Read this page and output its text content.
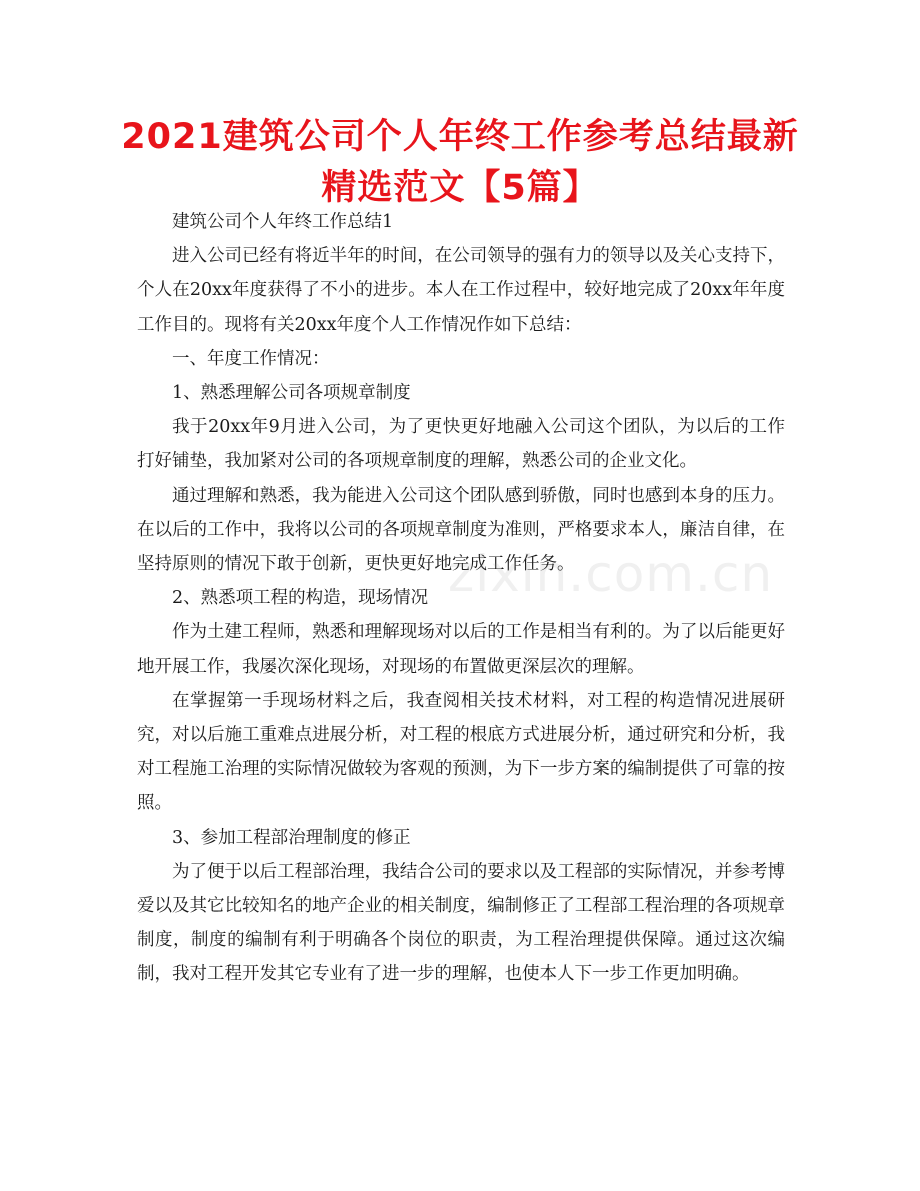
2021建筑公司个人年终工作参考总结最新精选范文【5篇】

建筑公司个人年终工作总结1

进入公司已经有将近半年的时间，在公司领导的强有力的领导以及关心支持下，个人在20xx年度获得了不小的进步。本人在工作过程中，较好地完成了20xx年年度工作目的。现将有关20xx年度个人工作情况作如下总结：

一、年度工作情况：

1、熟悉理解公司各项规章制度

我于20xx年9月进入公司，为了更快更好地融入公司这个团队，为以后的工作打好铺垫，我加紧对公司的各项规章制度的理解，熟悉公司的企业文化。

通过理解和熟悉，我为能进入公司这个团队感到骄傲，同时也感到本身的压力。在以后的工作中，我将以公司的各项规章制度为准则，严格要求本人，廉洁自律，在坚持原则的情况下敢于创新，更快更好地完成工作任务。

2、熟悉项工程的构造，现场情况

作为土建工程师，熟悉和理解现场对以后的工作是相当有利的。为了以后能更好地开展工作，我屡次深化现场，对现场的布置做更深层次的理解。

在掌握第一手现场材料之后，我查阅相关技术材料，对工程的构造情况进展研究，对以后施工重难点进展分析，对工程的根底方式进展分析，通过研究和分析，我对工程施工治理的实际情况做较为客观的预测，为下一步方案的编制提供了可靠的按照。

3、参加工程部治理制度的修正

为了便于以后工程部治理，我结合公司的要求以及工程部的实际情况，并参考博爱以及其它比较知名的地产企业的相关制度，编制修正了工程部工程治理的各项规章制度，制度的编制有利于明确各个岗位的职责，为工程治理提供保障。通过这次编制，我对工程开发其它专业有了进一步的理解，也使本人下一步工作更加明确。

zixin.com.cn
